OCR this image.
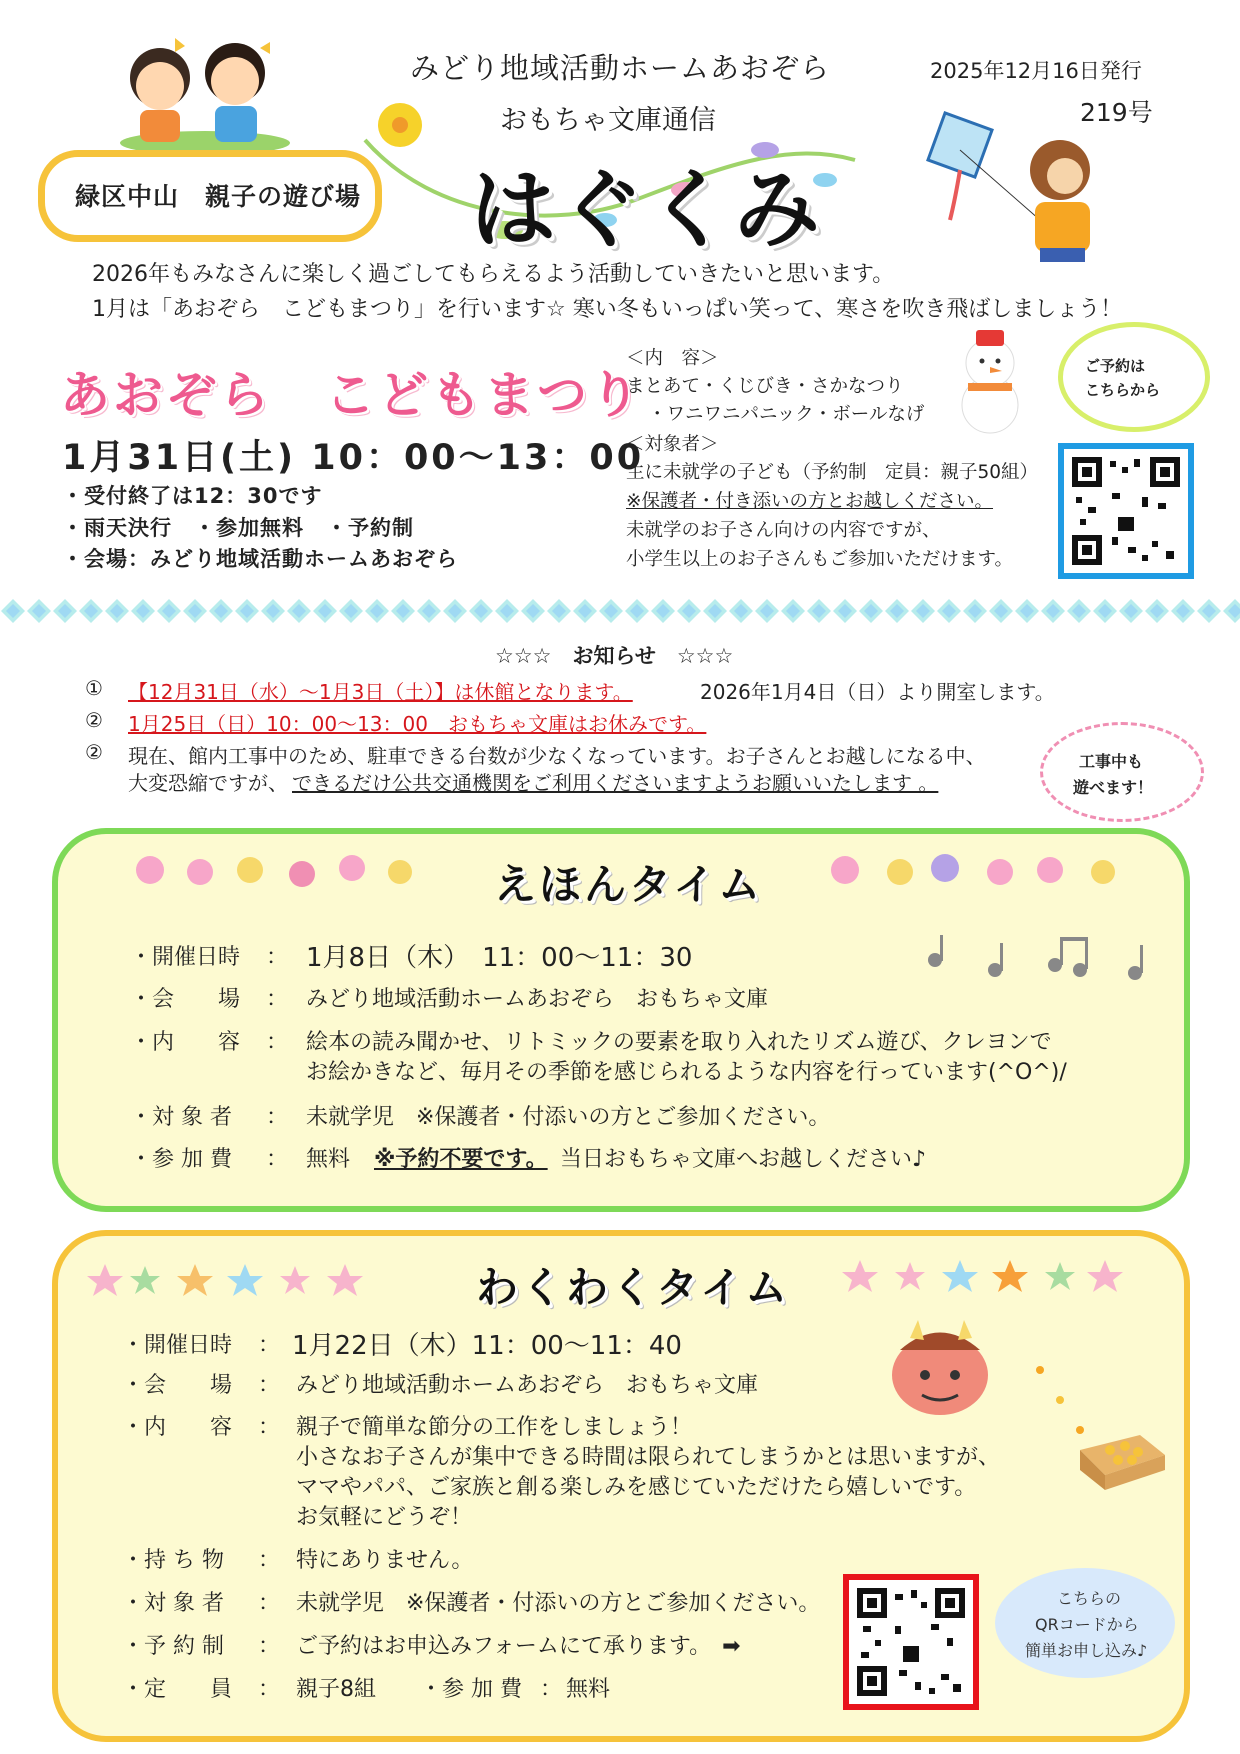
みどり地域活動ホームあおぞら
おもちゃ文庫通信
2025年12月16日発行
219号
はぐくみ
緑区中山　親子の遊び場
2026年もみなさんに楽しく過ごしてもらえるよう活動していきたいと思います。
1月は「あおぞら　こどもまつり」を行います☆ 寒い冬もいっぱい笑って、寒さを吹き飛ばしましょう！
あおぞら　こどもまつり
1月31日(土) 10：00～13：00
・受付終了は12：30です
・雨天決行　・参加無料　・予約制
・会場：みどり地域活動ホームあおぞら
＜内　容＞
まとあて・くじびき・さかなつり
・ワニワニパニック・ボールなげ
＜対象者＞
主に未就学の子ども（予約制　定員：親子50組）
※保護者・付き添いの方とお越しください。
未就学のお子さん向けの内容ですが、
小学生以上のお子さんもご参加いただけます。
ご予約は
こちらから
☆☆☆　お知らせ　☆☆☆
① 【12月31日（水）～1月3日（土）】は休館となります。	2026年1月4日（日）より開室します。
② 1月25日（日）10：00～13：00　おもちゃ文庫はお休みです。
② 現在、館内工事中のため、駐車できる台数が少なくなっています。お子さんとお越しになる中、
大変恐縮ですが、 できるだけ公共交通機関をご利用くださいますようお願いいたします 。
工事中も
遊べます！
えほんタイム
・開催日時 ： 1月8日（木）　11：00～11：30
・会　　場 ： みどり地域活動ホームあおぞら　おもちゃ文庫
・内　　容 ： 絵本の読み聞かせ、リトミックの要素を取り入れたリズム遊び、クレヨンで
お絵かきなど、毎月その季節を感じられるような内容を行っています(^O^)/
・対 象 者 ： 未就学児　※保護者・付添いの方とご参加ください。
・参 加 費 ： 無料 ※予約不要です。 当日おもちゃ文庫へお越しください♪
わくわくタイム
・開催日時 ： 1月22日（木）11：00～11：40
・会　　場 ： みどり地域活動ホームあおぞら　おもちゃ文庫
・内　　容 ： 親子で簡単な節分の工作をしましょう！
小さなお子さんが集中できる時間は限られてしまうかとは思いますが、
ママやパパ、ご家族と創る楽しみを感じていただけたら嬉しいです。
お気軽にどうぞ！
・持 ち 物 ： 特にありません。
・対 象 者 ： 未就学児　※保護者・付添いの方とご参加ください。
・予 約 制 ： ご予約はお申込みフォームにて承ります。　➡
・定　　員 ： 親子8組 ・参 加 費 ： 無料
こちらの
QRコードから
簡単お申し込み♪
